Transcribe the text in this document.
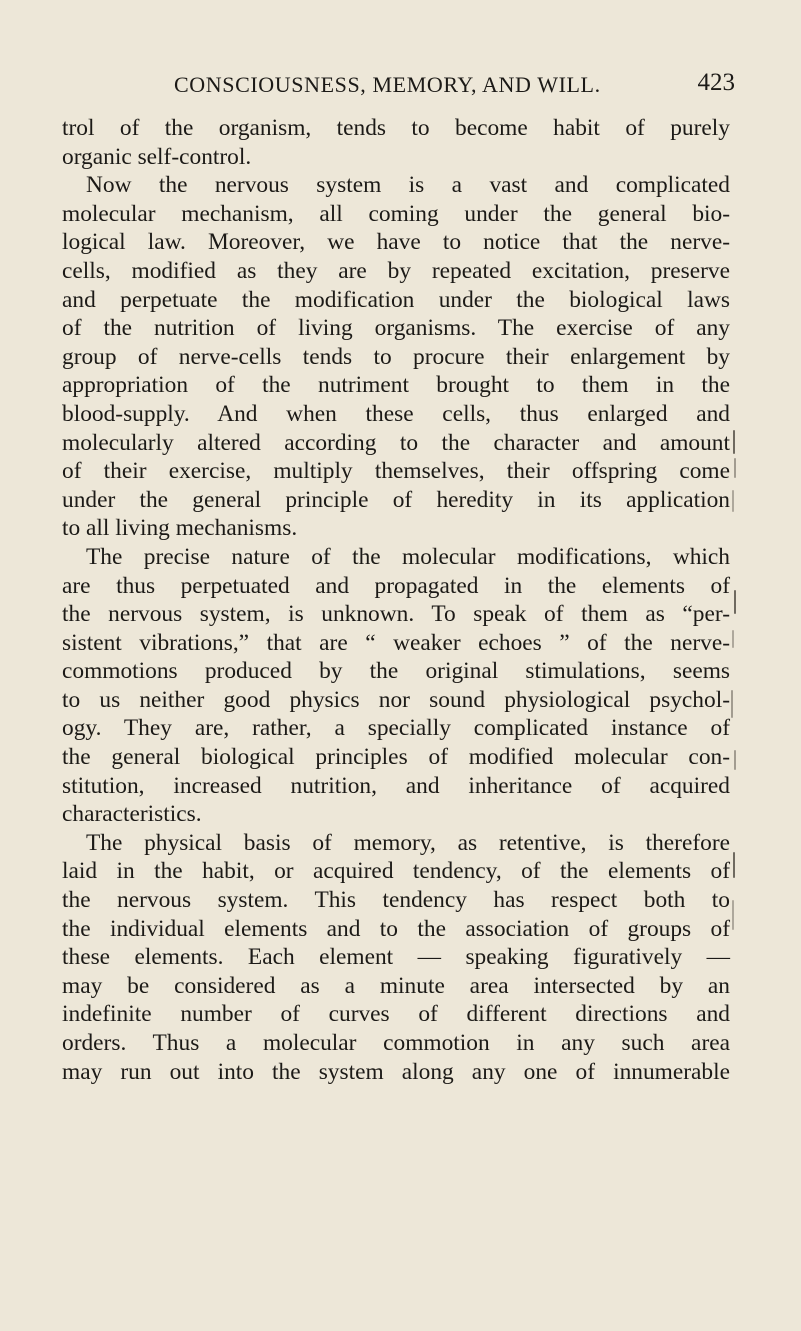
CONSCIOUSNESS, MEMORY, AND WILL.	423
trol of the organism, tends to become habit of purely
organic self-control.
Now the nervous system is a vast and complicated
molecular mechanism, all coming under the general bio-
logical law. Moreover, we have to notice that the nerve-
cells, modified as they are by repeated excitation, preserve
and perpetuate the modification under the biological laws
of the nutrition of living organisms. The exercise of any
group of nerve-cells tends to procure their enlargement by
appropriation of the nutriment brought to them in the
blood-supply. And when these cells, thus enlarged and
molecularly altered according to the character and amount
of their exercise, multiply themselves, their offspring come
under the general principle of heredity in its application
to all living mechanisms.
The precise nature of the molecular modifications, which
are thus perpetuated and propagated in the elements of
the nervous system, is unknown. To speak of them as “per-
sistent vibrations,” that are “ weaker echoes ” of the nerve-
commotions produced by the original stimulations, seems
to us neither good physics nor sound physiological psychol-
ogy. They are, rather, a specially complicated instance of
the general biological principles of modified molecular con-
stitution, increased nutrition, and inheritance of acquired
characteristics.
The physical basis of memory, as retentive, is therefore
laid in the habit, or acquired tendency, of the elements of
the nervous system. This tendency has respect both to
the individual elements and to the association of groups of
these elements. Each element — speaking figuratively —
may be considered as a minute area intersected by an
indefinite number of curves of different directions and
orders. Thus a molecular commotion in any such area
may run out into the system along any one of innumerable
